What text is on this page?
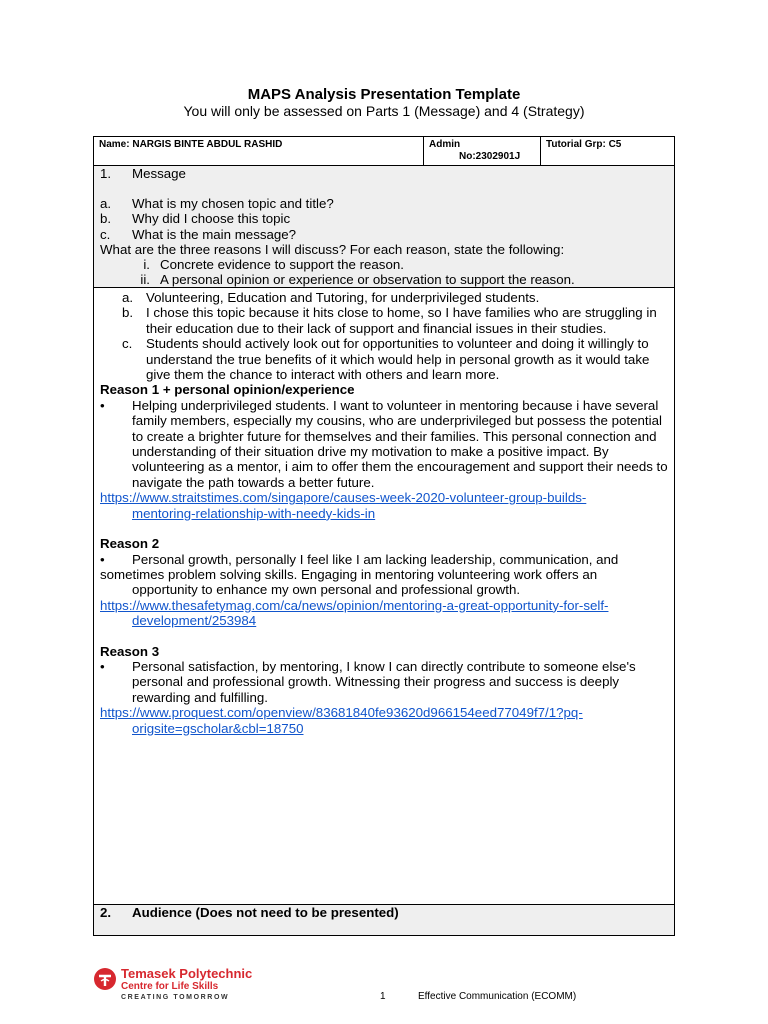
MAPS Analysis Presentation Template
You will only be assessed on Parts 1 (Message) and 4 (Strategy)
Name: NARGIS BINTE ABDUL RASHID	Admin
No:2302901J
Tutorial Grp: C5
1.	Message
a.	What is my chosen topic and title?
b.	Why did I choose this topic
c.	What is the main message?
What are the three reasons I will discuss? For each reason, state the following:
i. Concrete evidence to support the reason.
ii. A personal opinion or experience or observation to support the reason.
a. Volunteering, Education and Tutoring, for underprivileged students.
b. I chose this topic because it hits close to home, so I have families who are struggling in their education due to their lack of support and financial issues in their studies.
c.	Students should actively look out for opportunities to volunteer and doing it willingly to understand the true benefits of it which would help in personal growth as it would take give them the chance to interact with others and learn more.
Reason 1 + personal opinion/experience
•	Helping underprivileged students. I want to volunteer in mentoring because i have several family members, especially my cousins, who are underprivileged but possess the potential to create a brighter future for themselves and their families. This personal connection and understanding of their situation drive my motivation to make a positive impact. By volunteering as a mentor, i aim to offer them the encouragement and support their needs to navigate the path towards a better future.
https://www.straitstimes.com/singapore/causes-week-2020-volunteer-group-builds-
mentoring-relationship-with-needy-kids-in
Reason 2
• Personal growth, personally I feel like I am lacking leadership, communication, and sometimes problem solving skills. Engaging in mentoring volunteering work offers an
opportunity to enhance my own personal and professional growth.
https://www.thesafetymag.com/ca/news/opinion/mentoring-a-great-opportunity-for-self-
development/253984
Reason 3
•	Personal satisfaction, by mentoring, I know I can directly contribute to someone else's personal and professional growth. Witnessing their progress and success is deeply rewarding and fulfilling.
https://www.proquest.com/openview/83681840fe93620d966154eed77049f7/1?pq-
origsite=gscholar&cbl=18750
2.	Audience (Does not need to be presented)
Temasek Polytechnic
Centre for Life Skills
CREATING TOMORROW	1	Effective Communication (ECOMM)
